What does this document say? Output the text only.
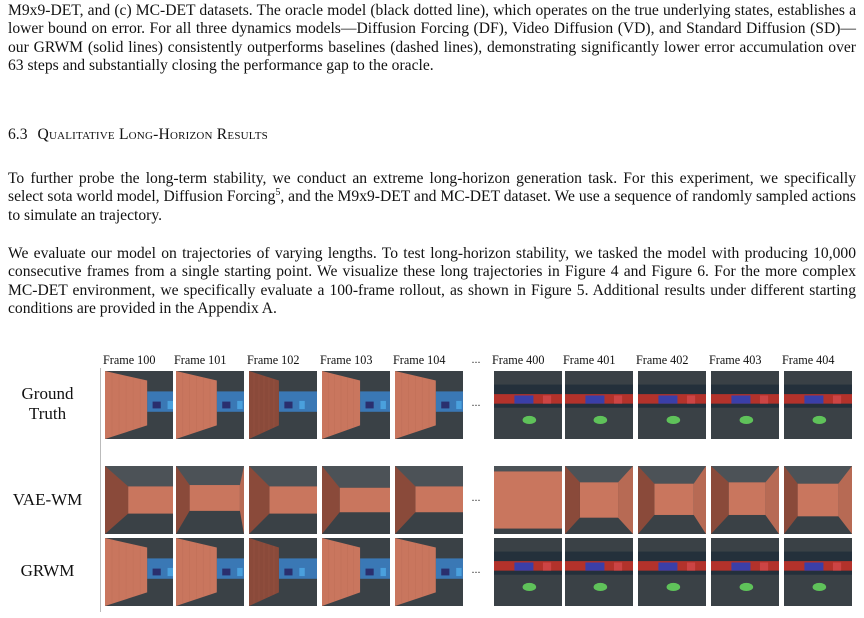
M9x9-DET, and (c) MC-DET datasets. The oracle model (black dotted line), which operates on the true underlying states, establishes a lower bound on error. For all three dynamics models—Diffusion Forcing (DF), Video Diffusion (VD), and Standard Diffusion (SD)—our GRWM (solid lines) consistently outperforms baselines (dashed lines), demonstrating significantly lower error accumulation over 63 steps and substantially closing the performance gap to the oracle.

6.3 Qualitative Long-Horizon Results

To further probe the long-term stability, we conduct an extreme long-horizon generation task. For this experiment, we specifically select sota world model, Diffusion Forcing$^5$, and the M9x9-DET and MC-DET dataset. We use a sequence of randomly sampled actions to simulate an trajectory.

We evaluate our model on trajectories of varying lengths. To test long-horizon stability, we tasked the model with producing 10,000 consecutive frames from a single starting point. We visualize these long trajectories in Figure 4 and Figure 6. For the more complex MC-DET environment, we specifically evaluate a 100-frame rollout, as shown in Figure 5. Additional results under different starting conditions are provided in the Appendix A.

Frame 100 Frame 101 Frame 102 Frame 103 Frame 104	Frame 400 Frame 401 Frame 402 Frame 403 Frame 404
...
Ground
Truth
...
VAE-WM	...
GRWM	...
